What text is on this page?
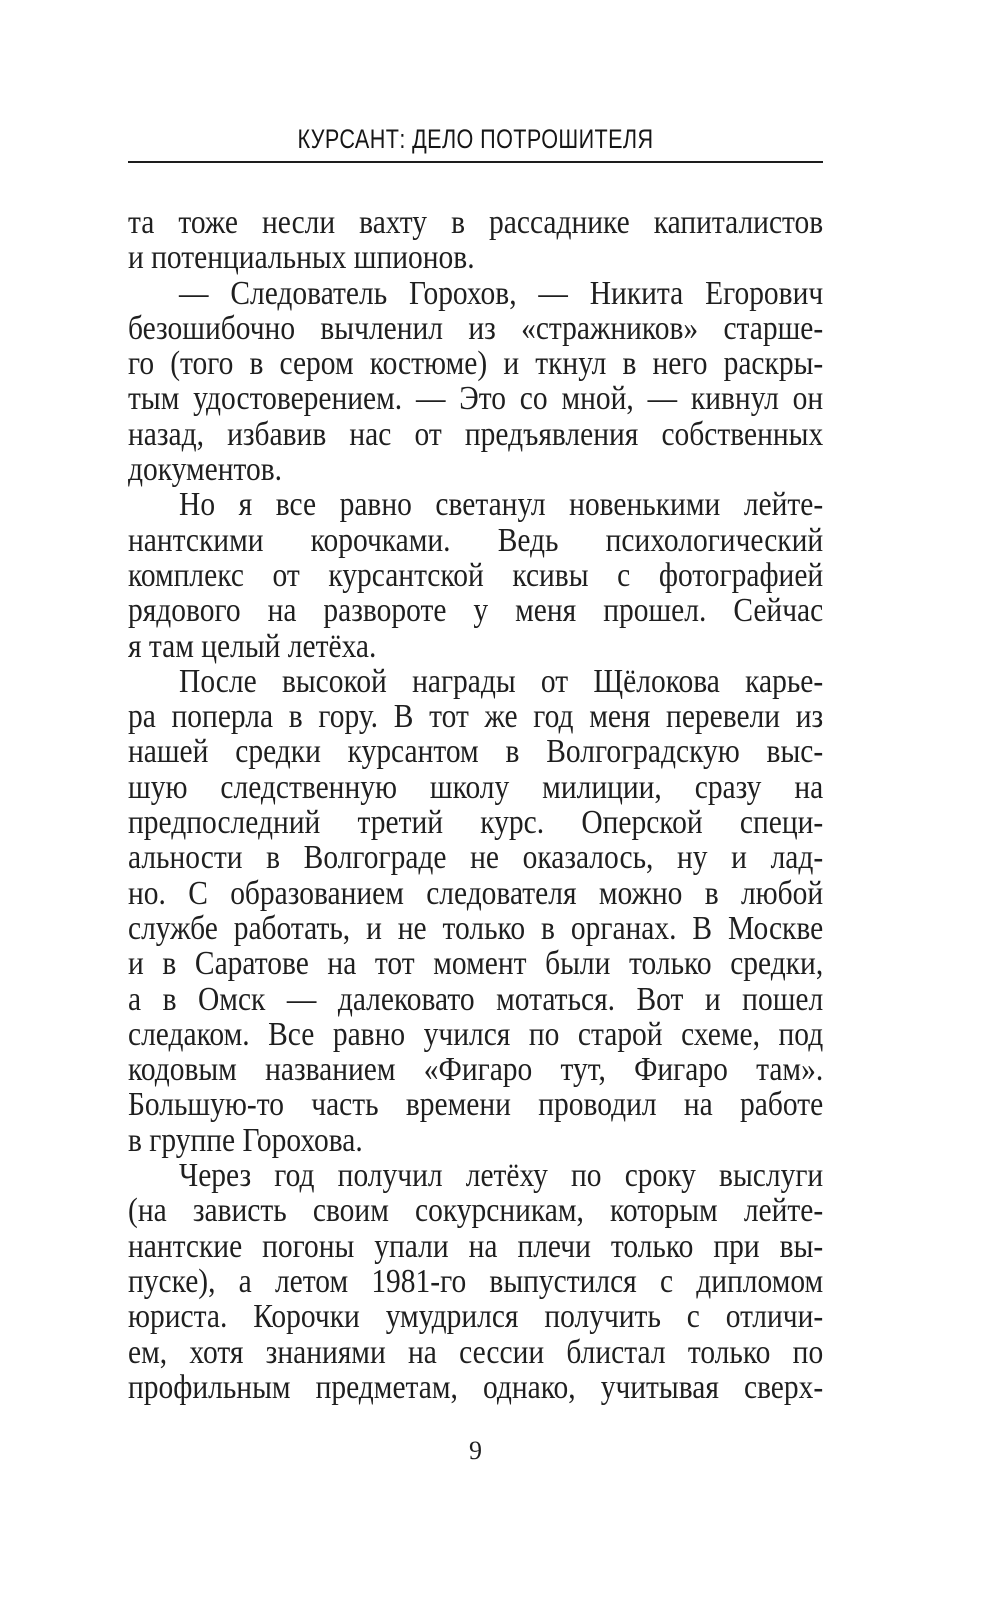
КУРСАНТ: ДЕЛО ПОТРОШИТЕЛЯ
та тоже несли вахту в рассаднике капиталистов
и потенциальных шпионов.
— Следователь Горохов, — Никита Егорович
безошибочно вычленил из «стражников» старше-
го (того в сером костюме) и ткнул в него раскры-
тым удостоверением. — Это со мной, — кивнул он
назад, избавив нас от предъявления собственных
документов.
Но я все равно светанул новенькими лейте-
нантскими корочками. Ведь психологический
комплекс от курсантской ксивы с фотографией
рядового на развороте у меня прошел. Сейчас
я там целый летёха.
После высокой награды от Щёлокова карье-
ра поперла в гору. В тот же год меня перевели из
нашей средки курсантом в Волгоградскую выс-
шую следственную школу милиции, сразу на
предпоследний третий курс. Оперской специ-
альности в Волгограде не оказалось, ну и лад-
но. С образованием следователя можно в любой
службе работать, и не только в органах. В Москве
и в Саратове на тот момент были только средки,
а в Омск — далековато мотаться. Вот и пошел
следаком. Все равно учился по старой схеме, под
кодовым названием «Фигаро тут, Фигаро там».
Большую-то часть времени проводил на работе
в группе Горохова.
Через год получил летёху по сроку выслуги
(на зависть своим сокурсникам, которым лейте-
нантские погоны упали на плечи только при вы-
пуске), а летом 1981-го выпустился с дипломом
юриста. Корочки умудрился получить с отличи-
ем, хотя знаниями на сессии блистал только по
профильным предметам, однако, учитывая сверх-
9
